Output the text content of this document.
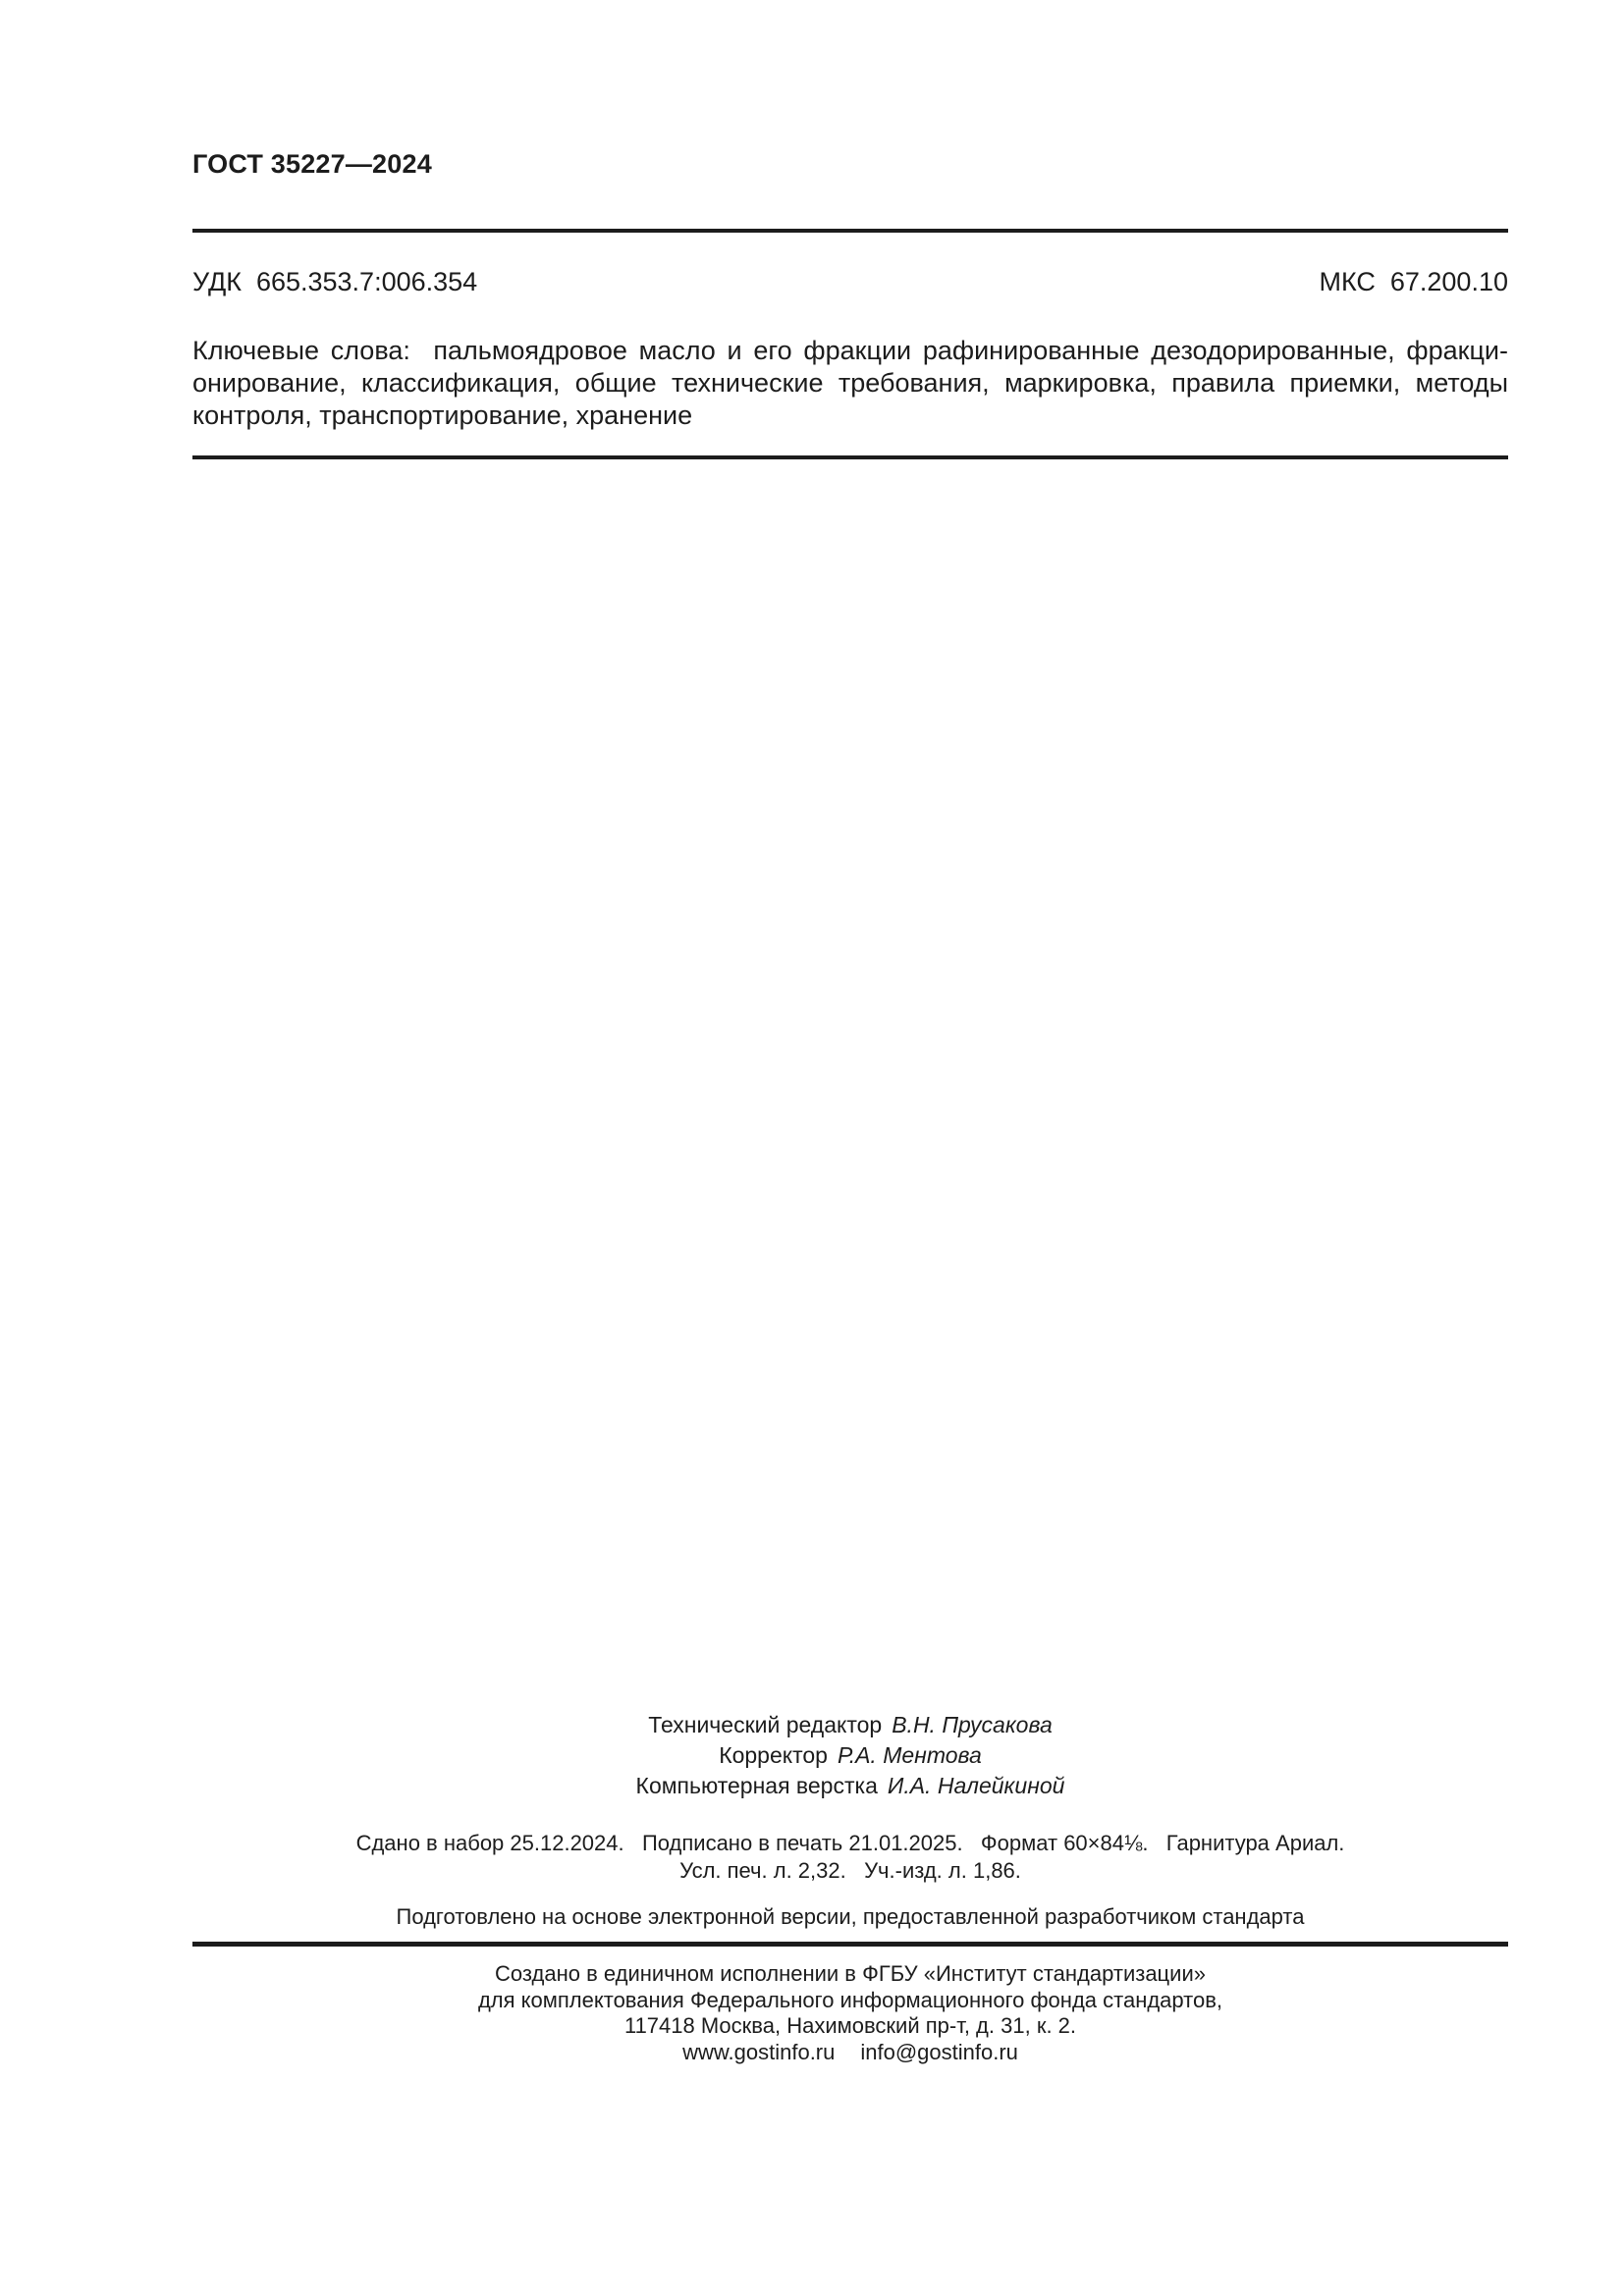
ГОСТ 35227—2024
УДК  665.353.7:006.354	МКС  67.200.10
Ключевые слова:  пальмоядровое масло и его фракции рафинированные дезодорированные, фракци-
онирование, классификация, общие технические требования, маркировка, правила приемки, методы
контроля, транспортирование, хранение
Технический редактор В.Н. Прусакова
Корректор Р.А. Ментова
Компьютерная верстка И.А. Налейкиной
Сдано в набор 25.12.2024.   Подписано в печать 21.01.2025.   Формат 60×84⅛.   Гарнитура Ариал.
Усл. печ. л. 2,32.   Уч.-изд. л. 1,86.
Подготовлено на основе электронной версии, предоставленной разработчиком стандарта
Создано в единичном исполнении в ФГБУ «Институт стандартизации»
для комплектования Федерального информационного фонда стандартов,
117418 Москва, Нахимовский пр-т, д. 31, к. 2.
www.gostinfo.ru info@gostinfo.ru
